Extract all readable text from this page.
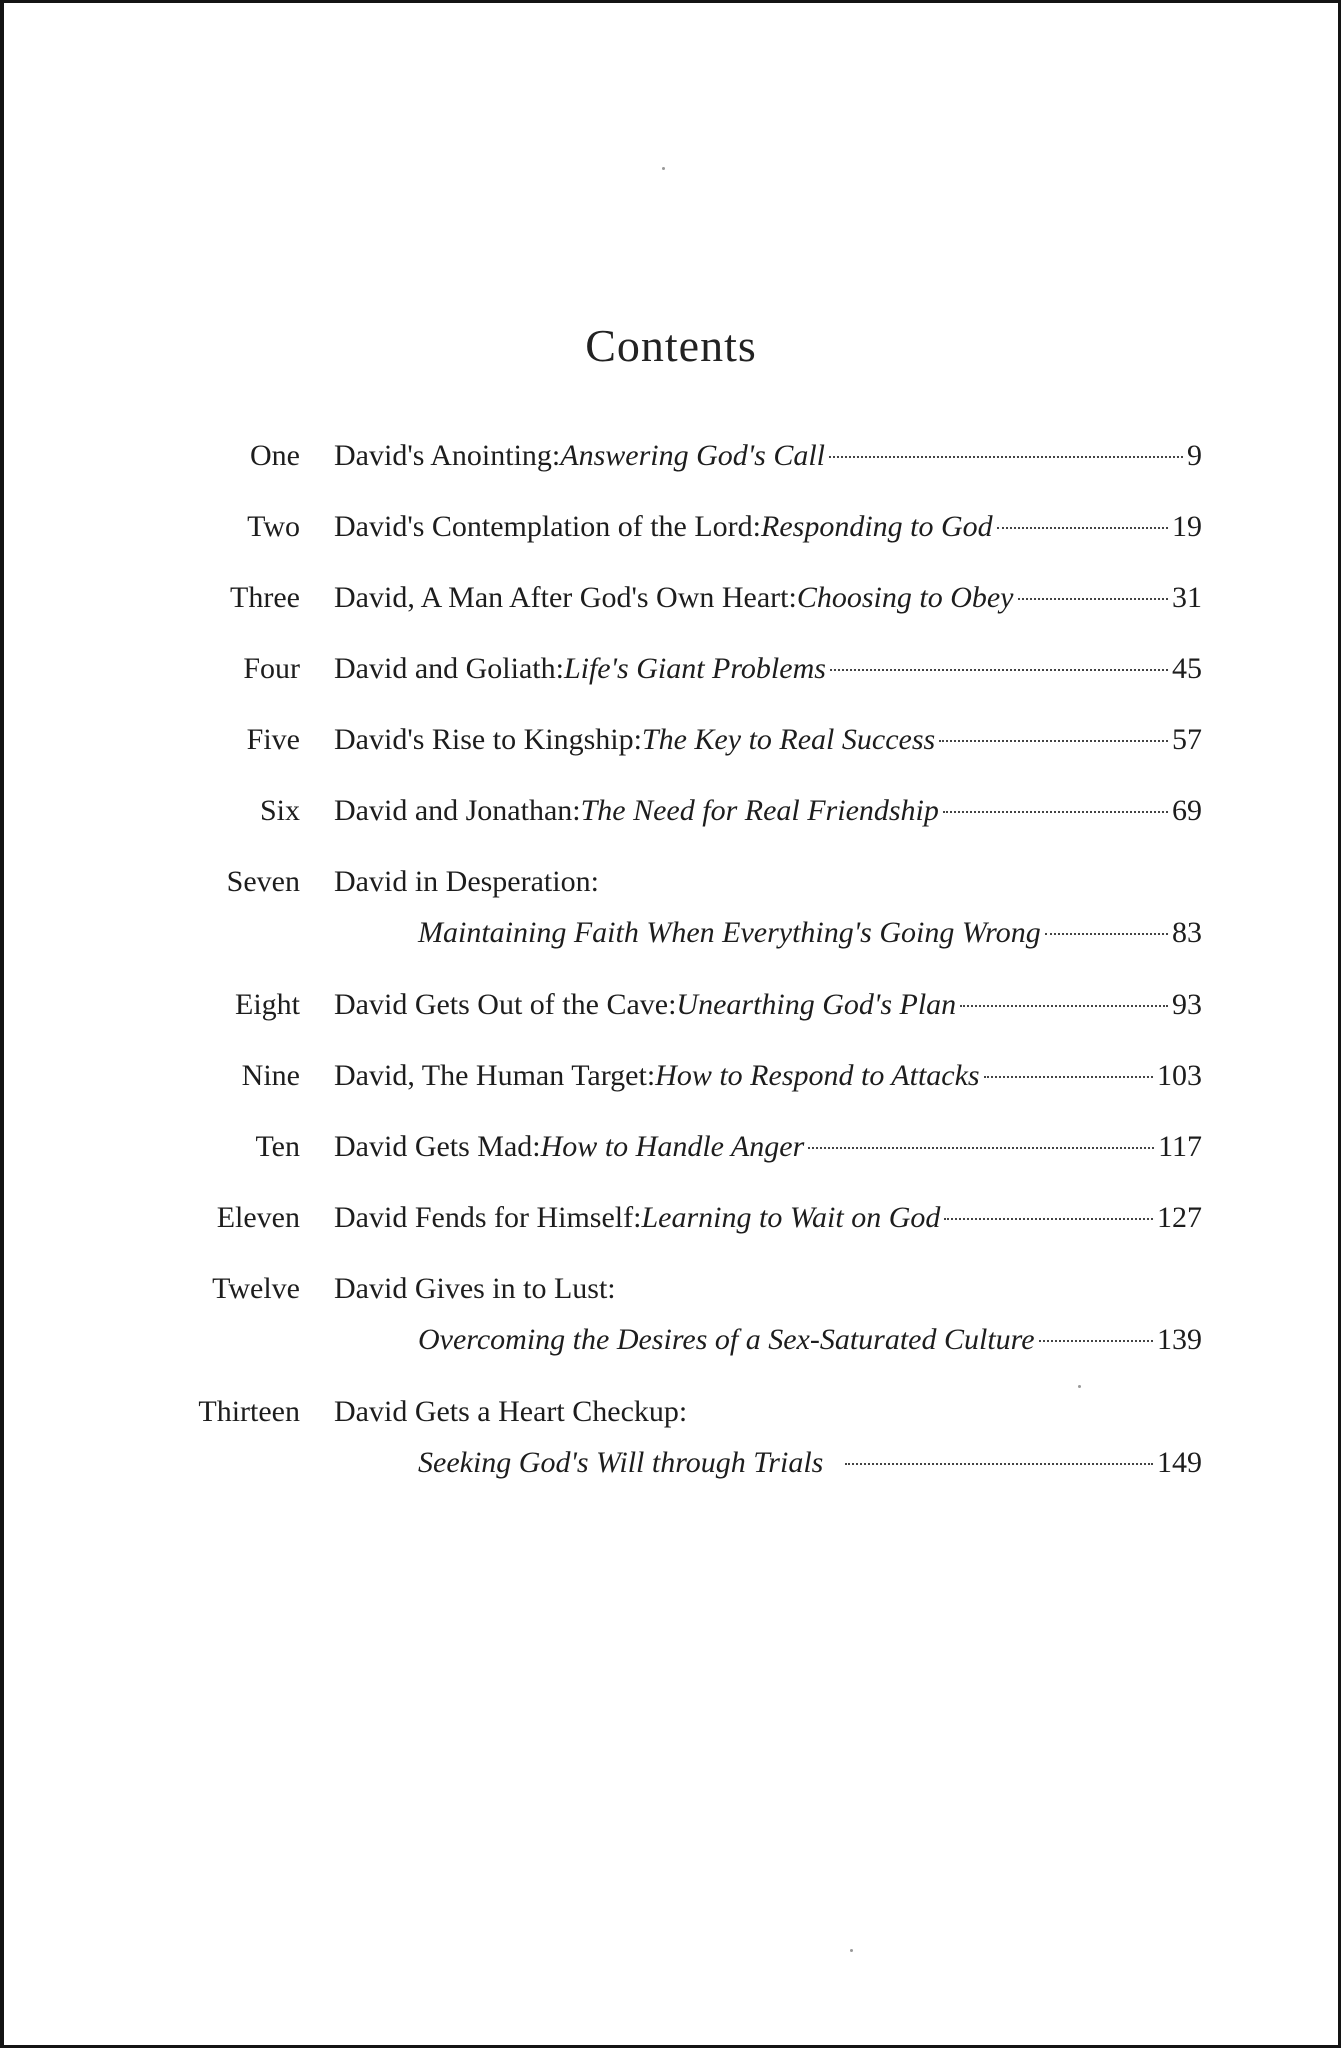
Contents
One David's Anointing: Answering God's Call	9
Two David's Contemplation of the Lord: Responding to God	19
Three David, A Man After God's Own Heart: Choosing to Obey	31
Four David and Goliath: Life's Giant Problems	45
Five David's Rise to Kingship: The Key to Real Success	57
Six David and Jonathan: The Need for Real Friendship	69
Seven David in Desperation:
Maintaining Faith When Everything's Going Wrong	83
Eight David Gets Out of the Cave: Unearthing God's Plan	93
Nine David, The Human Target: How to Respond to Attacks	103
Ten David Gets Mad: How to Handle Anger	117
Eleven David Fends for Himself: Learning to Wait on God	127
Twelve David Gives in to Lust:
Overcoming the Desires of a Sex-Saturated Culture	139
Thirteen David Gets a Heart Checkup:
Seeking God's Will through Trials	149
